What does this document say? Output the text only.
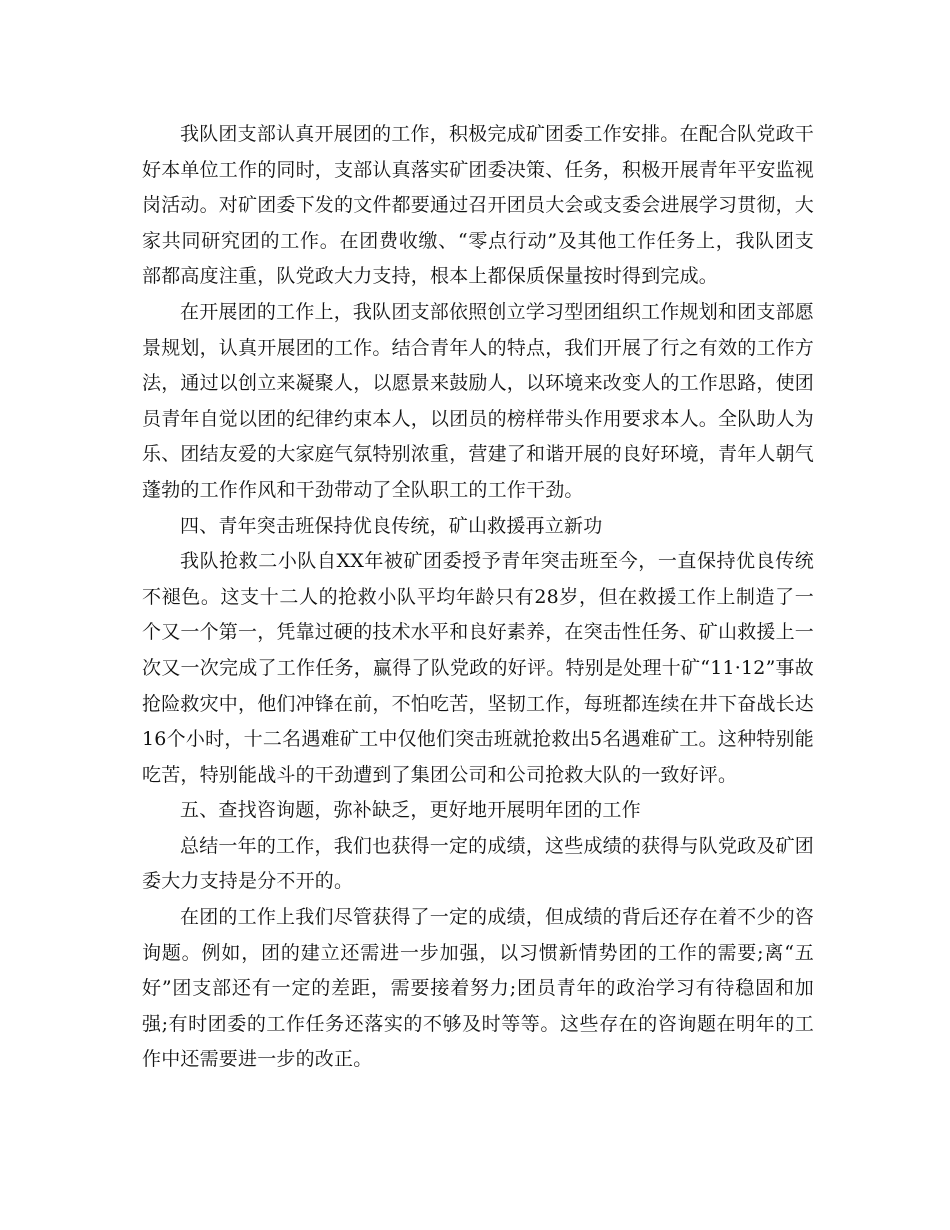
我队团支部认真开展团的工作，积极完成矿团委工作安排。在配合队党政干好本单位工作的同时，支部认真落实矿团委决策、任务，积极开展青年平安监视岗活动。对矿团委下发的文件都要通过召开团员大会或支委会进展学习贯彻，大家共同研究团的工作。在团费收缴、“零点行动”及其他工作任务上，我队团支部都高度注重，队党政大力支持，根本上都保质保量按时得到完成。

在开展团的工作上，我队团支部依照创立学习型团组织工作规划和团支部愿景规划，认真开展团的工作。结合青年人的特点，我们开展了行之有效的工作方法，通过以创立来凝聚人，以愿景来鼓励人，以环境来改变人的工作思路，使团员青年自觉以团的纪律约束本人，以团员的榜样带头作用要求本人。全队助人为乐、团结友爱的大家庭气氛特别浓重，营建了和谐开展的良好环境，青年人朝气蓬勃的工作作风和干劲带动了全队职工的工作干劲。

四、青年突击班保持优良传统，矿山救援再立新功

我队抢救二小队自XX年被矿团委授予青年突击班至今，一直保持优良传统不褪色。这支十二人的抢救小队平均年龄只有28岁，但在救援工作上制造了一个又一个第一，凭靠过硬的技术水平和良好素养，在突击性任务、矿山救援上一次又一次完成了工作任务，赢得了队党政的好评。特别是处理十矿“11·12”事故抢险救灾中，他们冲锋在前，不怕吃苦，坚韧工作，每班都连续在井下奋战长达16个小时，十二名遇难矿工中仅他们突击班就抢救出5名遇难矿工。这种特别能吃苦，特别能战斗的干劲遭到了集团公司和公司抢救大队的一致好评。

五、查找咨询题，弥补缺乏，更好地开展明年团的工作

总结一年的工作，我们也获得一定的成绩，这些成绩的获得与队党政及矿团委大力支持是分不开的。

在团的工作上我们尽管获得了一定的成绩，但成绩的背后还存在着不少的咨询题。例如，团的建立还需进一步加强，以习惯新情势团的工作的需要;离“五好”团支部还有一定的差距，需要接着努力;团员青年的政治学习有待稳固和加强;有时团委的工作任务还落实的不够及时等等。这些存在的咨询题在明年的工作中还需要进一步的改正。
